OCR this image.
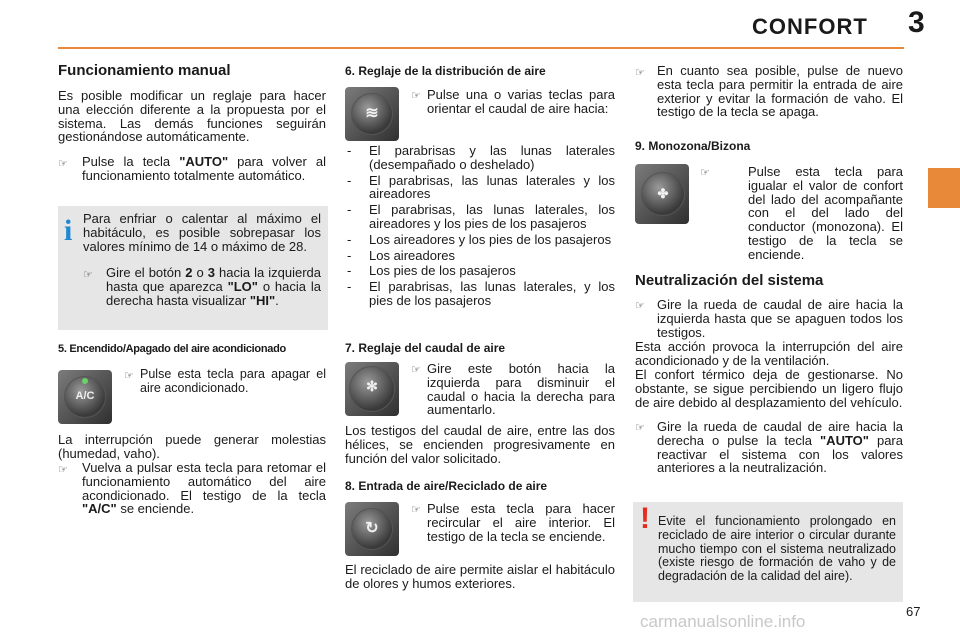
CONFORT 3
Funcionamiento manual

Es posible modificar un reglaje para hacer una elección diferente a la propuesta por el sistema. Las demás funciones seguirán gestionándose automáticamente.

☞ Pulse la tecla "AUTO" para volver al funcionamiento totalmente automático.

i Para enfriar o calentar al máximo el habitáculo, es posible sobrepasar los valores mínimo de 14 o máximo de 28.

☞ Gire el botón 2 o 3 hacia la izquierda hasta que aparezca "LO" o hacia la derecha hasta visualizar "HI".

5. Encendido/Apagado del aire acondicionado
A/C
☞ Pulse esta tecla para apagar el aire acondicionado.

La interrupción puede generar molestias (humedad, vaho).

☞ Vuelva a pulsar esta tecla para retomar el funcionamiento automático del aire acondicionado. El testigo de la tecla "A/C" se enciende.

6. Reglaje de la distribución de aire
≋
☞ Pulse una o varias teclas para orientar el caudal de aire hacia:

- El parabrisas y las lunas laterales (desempañado o deshelado)
- El parabrisas, las lunas laterales y los aireadores
- El parabrisas, las lunas laterales, los aireadores y los pies de los pasajeros
- Los aireadores y los pies de los pasajeros
- Los aireadores
- Los pies de los pasajeros
- El parabrisas, las lunas laterales, y los pies de los pasajeros
7. Reglaje del caudal de aire
✻
☞ Gire este botón hacia la izquierda para disminuir el caudal o hacia la derecha para aumentarlo.

Los testigos del caudal de aire, entre las dos hélices, se encienden progresivamente en función del valor solicitado.

8. Entrada de aire/Reciclado de aire
↻
☞ Pulse esta tecla para hacer recircular el aire interior. El testigo de la tecla se enciende.

El reciclado de aire permite aislar el habitáculo de olores y humos exteriores.

☞ En cuanto sea posible, pulse de nuevo esta tecla para permitir la entrada de aire exterior y evitar la formación de vaho. El testigo de la tecla se apaga.

9. Monozona/Bizona
✤
☞	Pulse esta tecla para igualar el valor de confort del lado del acompañante con el del lado del conductor (monozona). El testigo de la tecla se enciende.

Neutralización del sistema
☞ Gire la rueda de caudal de aire hacia la izquierda hasta que se apaguen todos los testigos.

Esta acción provoca la interrupción del aire acondicionado y de la ventilación.

El confort térmico deja de gestionarse. No obstante, se sigue percibiendo un ligero flujo de aire debido al desplazamiento del vehículo.

☞ Gire la rueda de caudal de aire hacia la derecha o pulse la tecla "AUTO" para reactivar el sistema con los valores anteriores a la neutralización.

! Evite el funcionamiento prolongado en reciclado de aire interior o circular durante mucho tiempo con el sistema neutralizado (existe riesgo de formación de vaho y de degradación de la calidad del aire).

67
carmanualsonline.info
